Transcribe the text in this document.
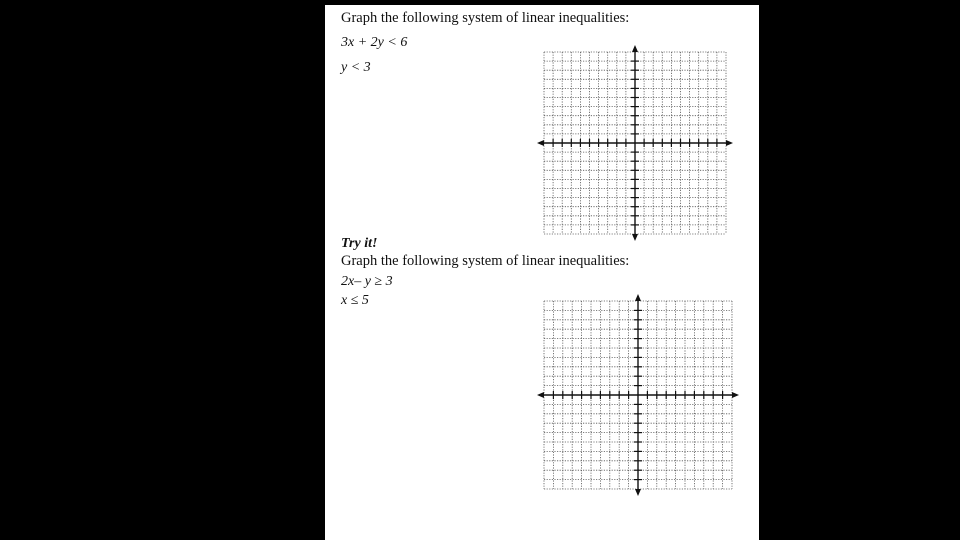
Graph the following system of linear inequalities:
3x + 2y < 6
y < 3
Try it!
Graph the following system of linear inequalities:
2x– y ≥ 3
x ≤ 5
